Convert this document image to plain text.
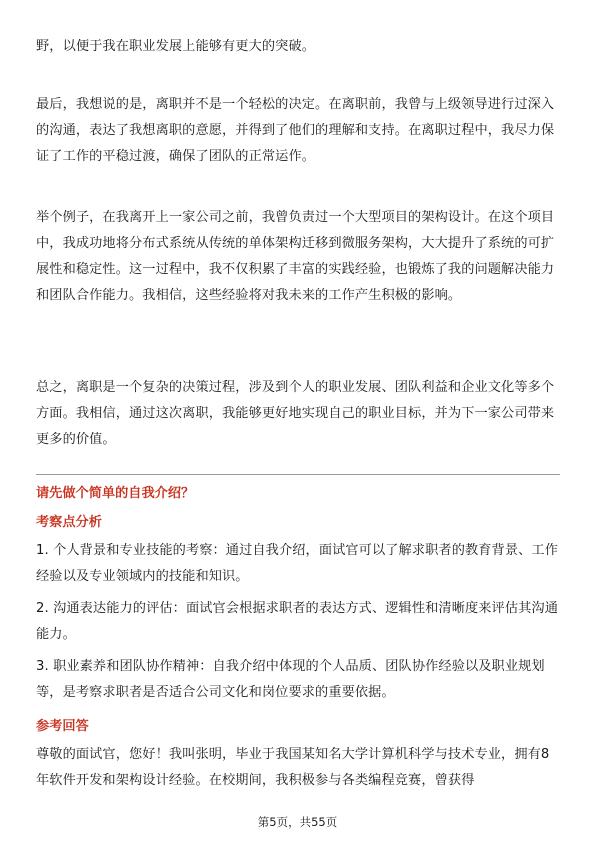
野，以便于我在职业发展上能够有更大的突破。

最后，我想说的是，离职并不是一个轻松的决定。在离职前，我曾与上级领导进行过深入的沟通，表达了我想离职的意愿，并得到了他们的理解和支持。在离职过程中，我尽力保证了工作的平稳过渡，确保了团队的正常运作。

举个例子，在我离开上一家公司之前，我曾负责过一个大型项目的架构设计。在这个项目中，我成功地将分布式系统从传统的单体架构迁移到微服务架构，大大提升了系统的可扩展性和稳定性。这一过程中，我不仅积累了丰富的实践经验，也锻炼了我的问题解决能力和团队合作能力。我相信，这些经验将对我未来的工作产生积极的影响。

总之，离职是一个复杂的决策过程，涉及到个人的职业发展、团队利益和企业文化等多个方面。我相信，通过这次离职，我能够更好地实现自己的职业目标，并为下一家公司带来更多的价值。

请先做个简单的自我介绍？

考察点分析

1. 个人背景和专业技能的考察：通过自我介绍，面试官可以了解求职者的教育背景、工作经验以及专业领域内的技能和知识。

2. 沟通表达能力的评估：面试官会根据求职者的表达方式、逻辑性和清晰度来评估其沟通能力。

3. 职业素养和团队协作精神：自我介绍中体现的个人品质、团队协作经验以及职业规划等，是考察求职者是否适合公司文化和岗位要求的重要依据。

参考回答

尊敬的面试官，您好！我叫张明，毕业于我国某知名大学计算机科学与技术专业，拥有8年软件开发和架构设计经验。在校期间，我积极参与各类编程竞赛，曾获得

第5页，共55页
